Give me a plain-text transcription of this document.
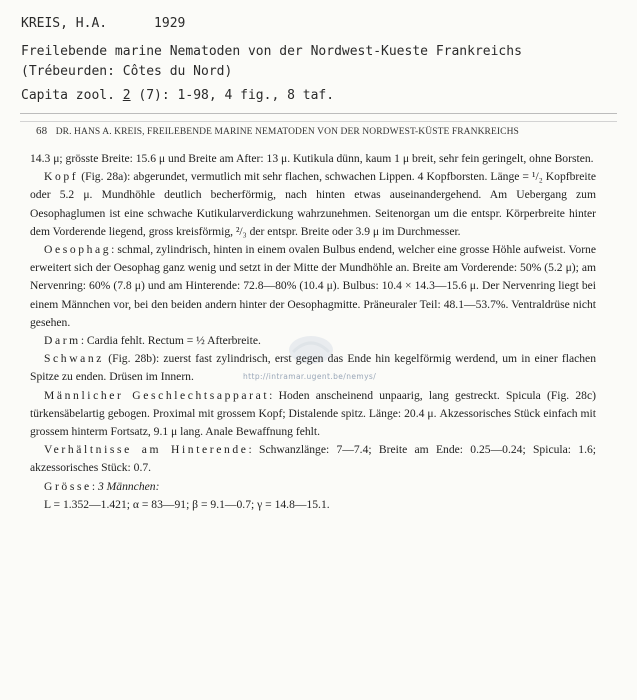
KREIS, H.A.      1929
Freilebende marine Nematoden von der Nordwest-Kueste Frankreichs
(Trébeurden: Côtes du Nord)
Capita zool. 2 (7): 1-98, 4 fig., 8 taf.
68 DR. HANS A. KREIS, FREILEBENDE MARINE NEMATODEN VON DER NORDWEST-KÜSTE FRANKREICHS

14.3 μ; grösste Breite: 15.6 μ und Breite am After: 13 μ. Kutikula dünn, kaum 1 μ breit, sehr fein geringelt, ohne Borsten.

Kopf (Fig. 28a): abgerundet, vermutlich mit sehr flachen, schwachen Lippen. 4 Kopfborsten. Länge = ¹/₂ Kopfbreite oder 5.2 μ. Mundhöhle deutlich becherförmig, nach hinten etwas auseinandergehend. Am Uebergang zum Oesophaglumen ist eine schwache Kutikularverdickung wahrzunehmen. Seitenorgan um die entspr. Körperbreite hinter dem Vorderende liegend, gross kreisförmig, ²/₃ der entspr. Breite oder 3.9 μ im Durchmesser.

Oesophag: schmal, zylindrisch, hinten in einem ovalen Bulbus endend, welcher eine grosse Höhle aufweist. Vorne erweitert sich der Oesophag ganz wenig und setzt in der Mitte der Mundhöhle an. Breite am Vorderende: 50% (5.2 μ); am Nervenring: 60% (7.8 μ) und am Hinterende: 72.8—80% (10.4 μ). Bulbus: 10.4 × 14.3—15.6 μ. Der Nervenring liegt bei einem Männchen vor, bei den beiden andern hinter der Oesophagmitte. Präneuraler Teil: 48.1—53.7%. Ventraldrüse nicht gesehen.

Darm: Cardia fehlt. Rectum = ½ Afterbreite.

Schwanz (Fig. 28b): zuerst fast zylindrisch, erst gegen das Ende hin kegelförmig werdend, um in einer flachen Spitze zu enden. Drüsen im Innern.

Männlicher Geschlechtsapparat: Hoden anscheinend unpaarig, lang gestreckt. Spicula (Fig. 28c) türkensäbelartig gebogen. Proximal mit grossem Kopf; Distalende spitz. Länge: 20.4 μ. Akzessorisches Stück einfach mit grossem hinterm Fortsatz, 9.1 μ lang. Anale Bewaffnung fehlt.

Verhältnisse am Hinterende: Schwanzlänge: 7—7.4; Breite am Ende: 0.25—0.24; Spicula: 1.6; akzessorisches Stück: 0.7.

Grösse: 3 Männchen:

L = 1.352—1.421; α = 83—91; β = 9.1—0.7; γ = 14.8—15.1.

http://intramar.ugent.be/nemys/
